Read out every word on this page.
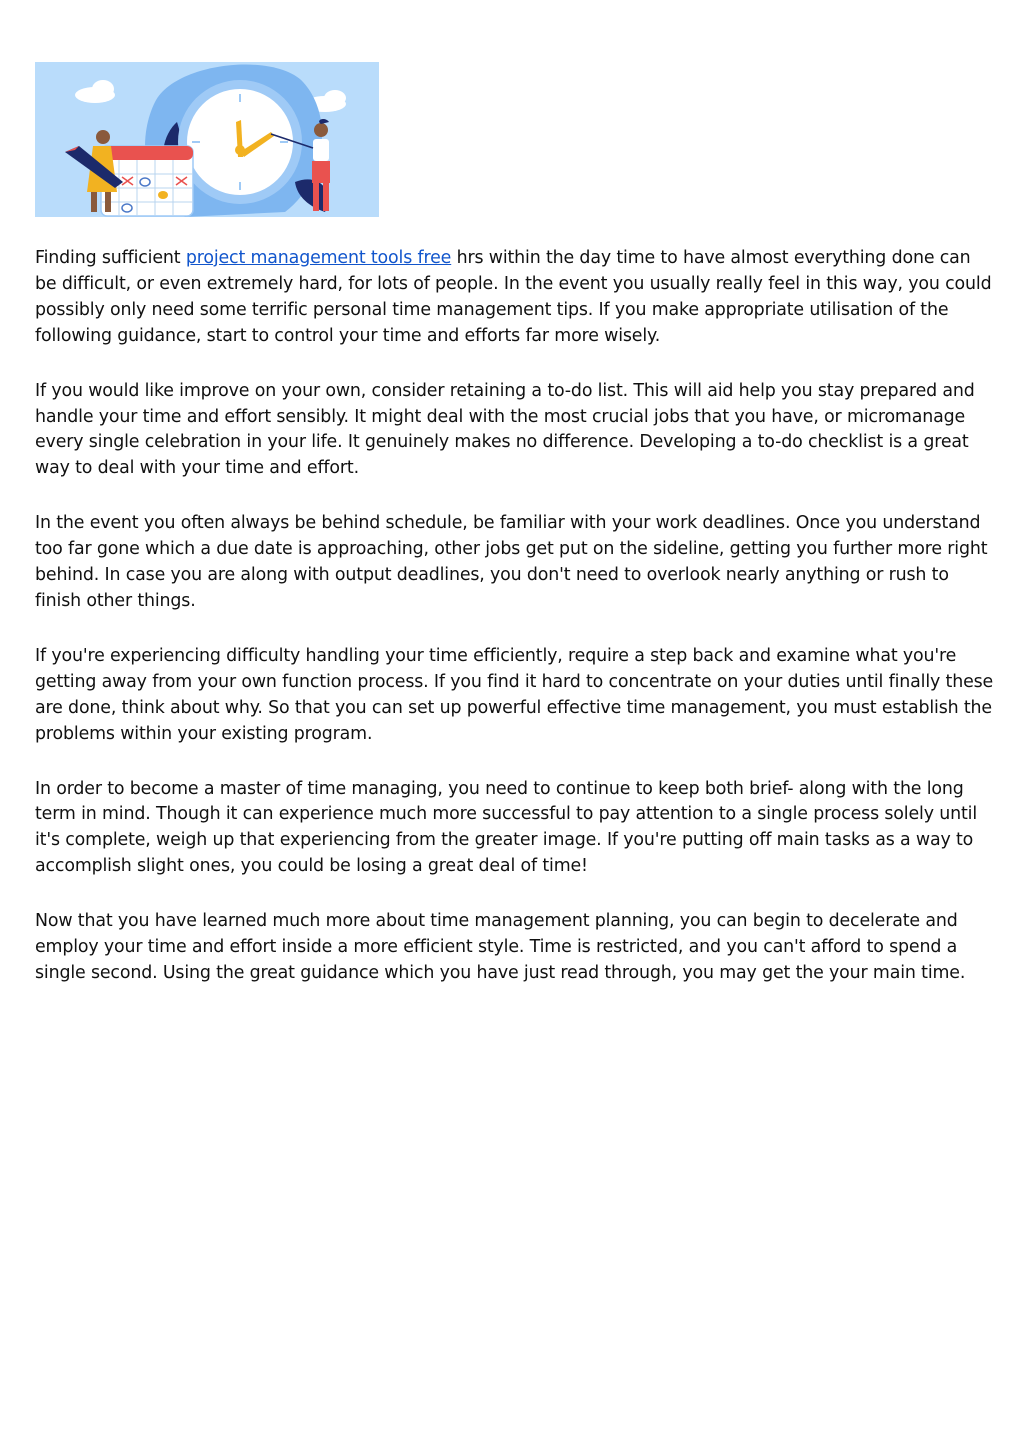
Finding sufficient project management tools free hrs within the day time to have almost everything done can be difficult, or even extremely hard, for lots of people. In the event you usually really feel in this way, you could possibly only need some terrific personal time management tips. If you make appropriate utilisation of the following guidance, start to control your time and efforts far more wisely.

If you would like improve on your own, consider retaining a to-do list. This will aid help you stay prepared and handle your time and effort sensibly. It might deal with the most crucial jobs that you have, or micromanage every single celebration in your life. It genuinely makes no difference. Developing a to-do checklist is a great way to deal with your time and effort.

In the event you often always be behind schedule, be familiar with your work deadlines. Once you understand too far gone which a due date is approaching, other jobs get put on the sideline, getting you further more right behind. In case you are along with output deadlines, you don't need to overlook nearly anything or rush to finish other things.

If you're experiencing difficulty handling your time efficiently, require a step back and examine what you're getting away from your own function process. If you find it hard to concentrate on your duties until finally these are done, think about why. So that you can set up powerful effective time management, you must establish the problems within your existing program.

In order to become a master of time managing, you need to continue to keep both brief- along with the long term in mind. Though it can experience much more successful to pay attention to a single process solely until it's complete, weigh up that experiencing from the greater image. If you're putting off main tasks as a way to accomplish slight ones, you could be losing a great deal of time!

Now that you have learned much more about time management planning, you can begin to decelerate and employ your time and effort inside a more efficient style. Time is restricted, and you can't afford to spend a single second. Using the great guidance which you have just read through, you may get the your main time.
